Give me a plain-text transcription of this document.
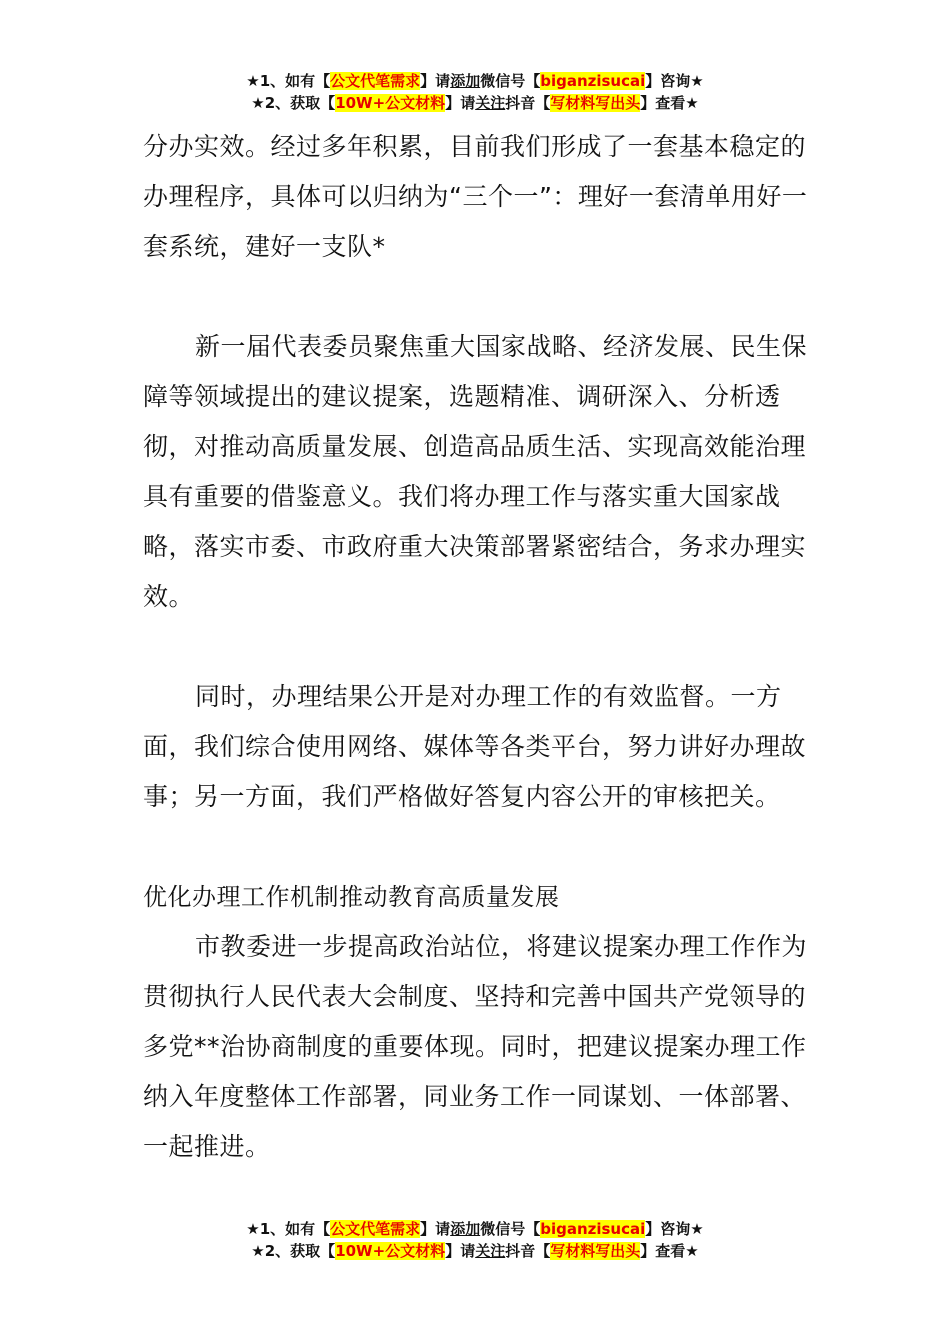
★1、如有【公文代笔需求】请添加微信号【biganzisucai】咨询★
★2、获取【10W+公文材料】请关注抖音【写材料写出头】查看★

分办实效。经过多年积累，目前我们形成了一套基本稳定的办理程序，具体可以归纳为“三个一”：理好一套清单用好一套系统，建好一支队*

新一届代表委员聚焦重大国家战略、经济发展、民生保障等领域提出的建议提案，选题精准、调研深入、分析透彻，对推动高质量发展、创造高品质生活、实现高效能治理具有重要的借鉴意义。我们将办理工作与落实重大国家战略，落实市委、市政府重大决策部署紧密结合，务求办理实效。

同时，办理结果公开是对办理工作的有效监督。一方面，我们综合使用网络、媒体等各类平台，努力讲好办理故事；另一方面，我们严格做好答复内容公开的审核把关。

优化办理工作机制推动教育高质量发展

市教委进一步提高政治站位，将建议提案办理工作作为贯彻执行人民代表大会制度、坚持和完善中国共产党领导的多党**治协商制度的重要体现。同时，把建议提案办理工作纳入年度整体工作部署，同业务工作一同谋划、一体部署、一起推进。

★1、如有【公文代笔需求】请添加微信号【biganzisucai】咨询★
★2、获取【10W+公文材料】请关注抖音【写材料写出头】查看★
